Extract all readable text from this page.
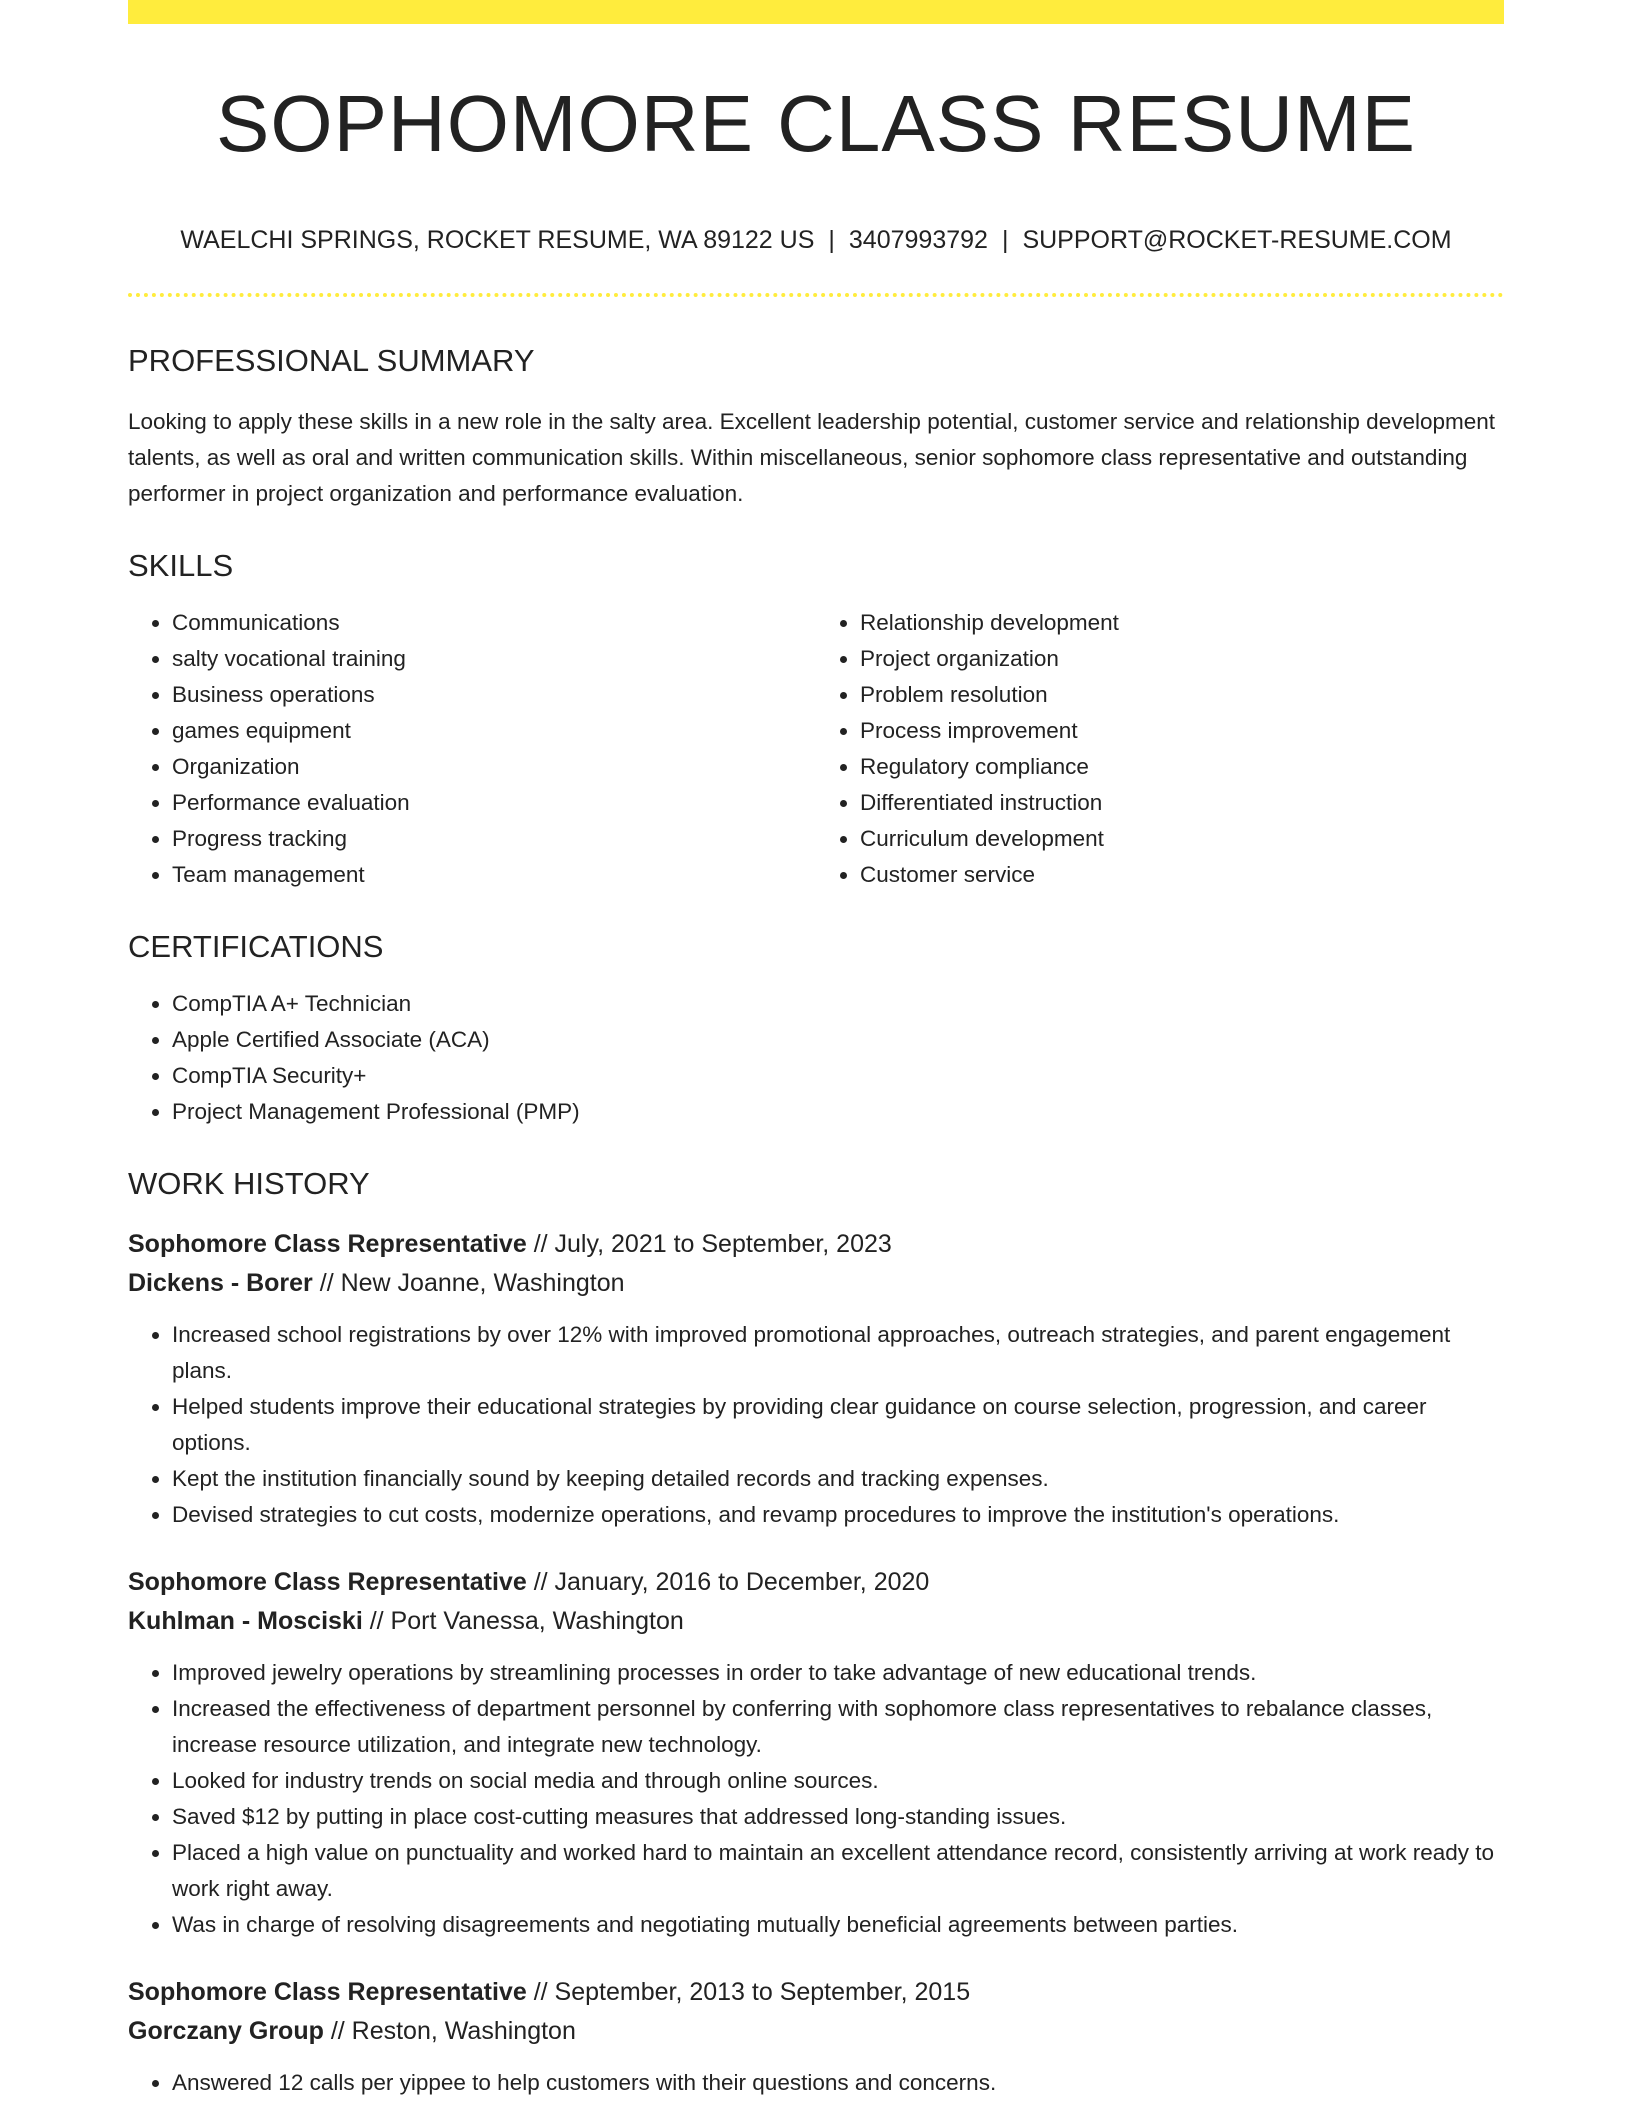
SOPHOMORE CLASS RESUME
WAELCHI SPRINGS, ROCKET RESUME, WA 89122 US | 3407993792 | SUPPORT@ROCKET-RESUME.COM
PROFESSIONAL SUMMARY
Looking to apply these skills in a new role in the salty area. Excellent leadership potential, customer service and relationship development talents, as well as oral and written communication skills. Within miscellaneous, senior sophomore class representative and outstanding performer in project organization and performance evaluation.
SKILLS
• Communications
• salty vocational training
• Business operations
• games equipment
• Organization
• Performance evaluation
• Progress tracking
• Team management
• Relationship development
• Project organization
• Problem resolution
• Process improvement
• Regulatory compliance
• Differentiated instruction
• Curriculum development
• Customer service
CERTIFICATIONS
• CompTIA A+ Technician
• Apple Certified Associate (ACA)
• CompTIA Security+
• Project Management Professional (PMP)
WORK HISTORY
Sophomore Class Representative // July, 2021 to September, 2023
Dickens - Borer // New Joanne, Washington
• Increased school registrations by over 12% with improved promotional approaches, outreach strategies, and parent engagement plans.
• Helped students improve their educational strategies by providing clear guidance on course selection, progression, and career options.
• Kept the institution financially sound by keeping detailed records and tracking expenses.
• Devised strategies to cut costs, modernize operations, and revamp procedures to improve the institution's operations.
Sophomore Class Representative // January, 2016 to December, 2020
Kuhlman - Mosciski // Port Vanessa, Washington
• Improved jewelry operations by streamlining processes in order to take advantage of new educational trends.
• Increased the effectiveness of department personnel by conferring with sophomore class representatives to rebalance classes, increase resource utilization, and integrate new technology.
• Looked for industry trends on social media and through online sources.
• Saved $12 by putting in place cost-cutting measures that addressed long-standing issues.
• Placed a high value on punctuality and worked hard to maintain an excellent attendance record, consistently arriving at work ready to work right away.
• Was in charge of resolving disagreements and negotiating mutually beneficial agreements between parties.
Sophomore Class Representative // September, 2013 to September, 2015
Gorczany Group // Reston, Washington
• Answered 12 calls per yippee to help customers with their questions and concerns.
